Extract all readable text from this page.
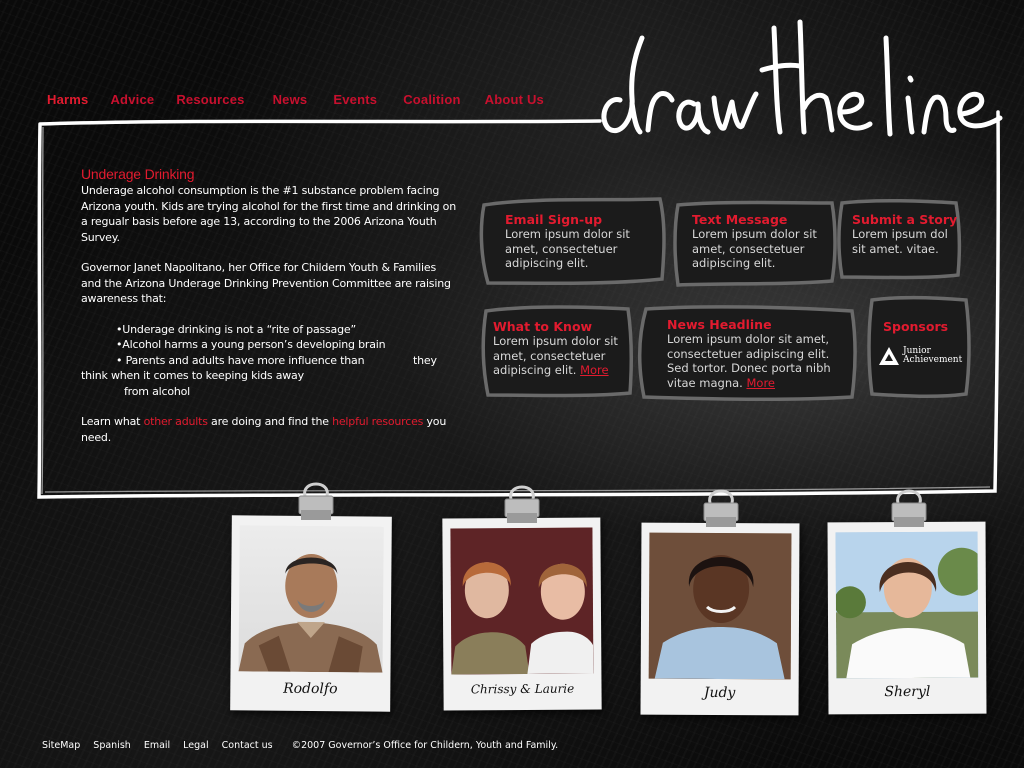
Harms Advice Resources News Events Coalition About Us
Underage Drinking

Underage alcohol consumption is the #1 substance problem facing Arizona youth. Kids are trying alcohol for the first time and drinking on a regualr basis before age 13, according to the 2006 Arizona Youth Survey.

Governor Janet Napolitano, her Office for Childern Youth & Families and the Arizona Underage Drinking Prevention Committee are raising awareness that:

• Underage drinking is not a “rite of passage”
• Alcohol harms a young person’s developing brain
• Parents and adults have more influence than	they
think when it comes to keeping kids away
from alcohol

Learn what other adults are doing and find the helpful resources you need.

Email Sign-up
Lorem ipsum dolor sit amet, consectetuer adipiscing elit.
Text Message
Lorem ipsum dolor sit amet, consectetuer adipiscing elit.
Submit a Story
Lorem ipsum dol sit amet. vitae.
What to Know
Lorem ipsum dolor sit amet, consectetuer adipiscing elit. More
News Headline
Lorem ipsum dolor sit amet, consectetuer adipiscing elit. Sed tortor. Donec porta nibh vitae magna. More
Sponsors
Junior
Achievement
Rodolfo	Chrissy & Laurie	Judy	Sheryl
SiteMap Spanish Email Legal Contact us ©2007 Governor’s Office for Childern, Youth and Family.
